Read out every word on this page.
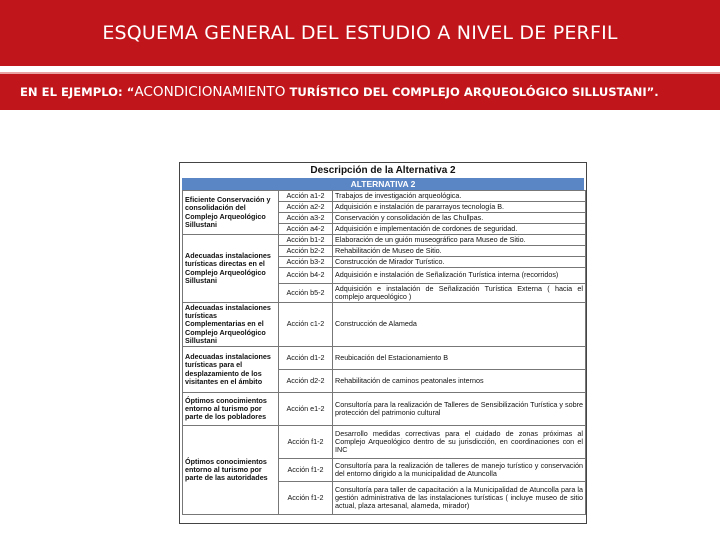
ESQUEMA GENERAL DEL ESTUDIO A NIVEL DE PERFIL
EN EL EJEMPLO: “ACONDICIONAMIENTO TURÍSTICO DEL COMPLEJO ARQUEOLÓGICO SILLUSTANI”.
Descripción de la Alternativa 2
ALTERNATIVA 2
Eficiente Conservación y consolidación del Complejo Arqueológico Sillustani	Acción a1-2	Trabajos de investigación arqueológica.
	Acción a2-2	Adquisición e instalación de pararrayos tecnología B.
	Acción a3-2	Conservación y consolidación de las Chullpas.
	Acción a4-2	Adquisición e implementación de cordones de seguridad.
Adecuadas instalaciones turísticas directas en el Complejo Arqueológico Sillustani	Acción b1-2	Elaboración de un guión museográfico para Museo de Sitio.
	Acción b2-2	Rehabilitación de Museo de Sitio.
	Acción b3-2	Construcción de Mirador Turístico.
	Acción b4-2	Adquisición e instalación de Señalización Turística interna (recorridos)
	Acción b5-2	Adquisición e instalación de Señalización Turística Externa ( hacia el complejo arqueológico )
Adecuadas instalaciones turísticas Complementarias en el Complejo Arqueológico Sillustani	Acción c1-2	Construcción de Alameda
Adecuadas instalaciones turísticas para el desplazamiento de los visitantes en el ámbito	Acción d1-2	Reubicación del Estacionamiento B
	Acción d2-2	Rehabilitación de caminos peatonales internos
Óptimos conocimientos entorno al turismo por parte de los pobladores	Acción e1-2	Consultoría para la realización de Talleres de Sensibilización Turística y sobre protección del patrimonio cultural
Óptimos conocimientos entorno al turismo por parte de las autoridades	Acción f1-2	Desarrollo medidas correctivas para el cuidado de zonas próximas al Complejo Arqueológico dentro de su jurisdicción, en coordinaciones con el INC
	Acción f1-2	Consultoría para la realización de talleres de manejo turístico y conservación del entorno dirigido a la municipalidad de Atuncolla
	Acción f1-2	Consultoría para taller de capacitación a la Municipalidad de Atuncolla para la gestión administrativa de las instalaciones turísticas ( incluye museo de sitio actual, plaza artesanal, alameda, mirador)
